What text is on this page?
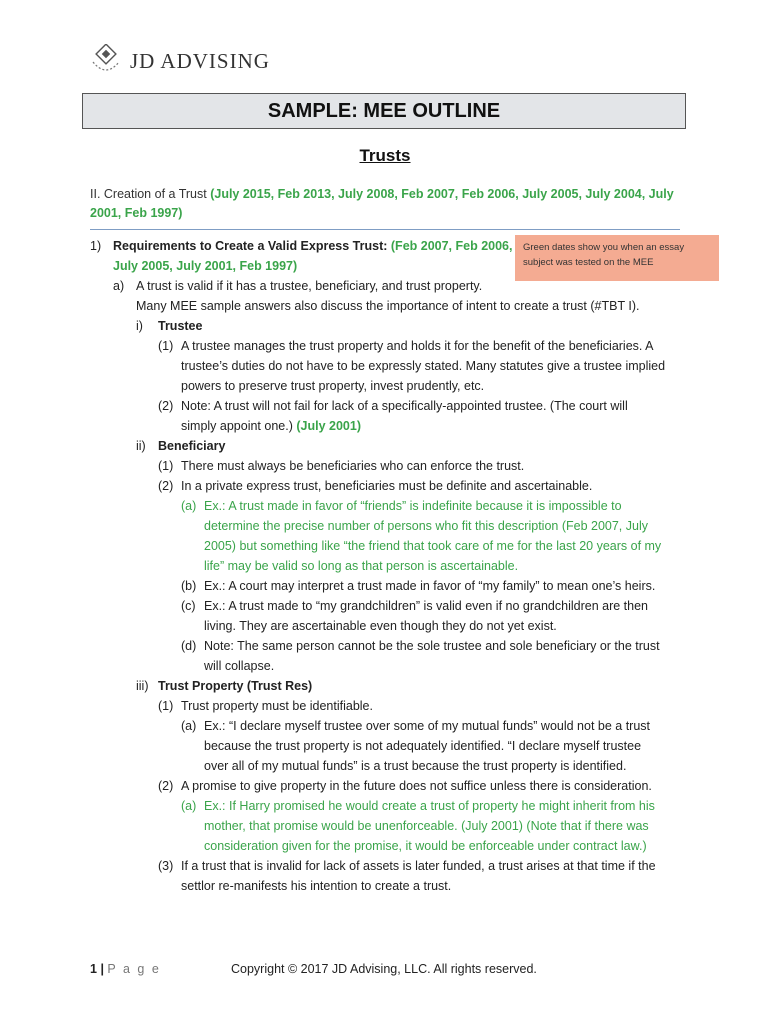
JD ADVISING
SAMPLE: MEE OUTLINE
Trusts
II. Creation of a Trust (July 2015, Feb 2013, July 2008, Feb 2007, Feb 2006, July 2005, July 2004, July 2001, Feb 1997)
Green dates show you when an essay subject was tested on the MEE
1) Requirements to Create a Valid Express Trust: (Feb 2007, Feb 2006,
July 2005, July 2001, Feb 1997)
a) A trust is valid if it has a trustee, beneficiary, and trust property.
Many MEE sample answers also discuss the importance of intent to create a trust (#TBT I).
i) Trustee
(1) A trustee manages the trust property and holds it for the benefit of the beneficiaries. A
trustee’s duties do not have to be expressly stated. Many statutes give a trustee implied
powers to preserve trust property, invest prudently, etc.
(2) Note: A trust will not fail for lack of a specifically-appointed trustee. (The court will
simply appoint one.) (July 2001)
ii) Beneficiary
(1) There must always be beneficiaries who can enforce the trust.
(2) In a private express trust, beneficiaries must be definite and ascertainable.
(a) Ex.: A trust made in favor of “friends” is indefinite because it is impossible to
determine the precise number of persons who fit this description (Feb 2007, July
2005) but something like “the friend that took care of me for the last 20 years of my
life” may be valid so long as that person is ascertainable.
(b) Ex.: A court may interpret a trust made in favor of “my family” to mean one’s heirs.
(c) Ex.: A trust made to “my grandchildren” is valid even if no grandchildren are then
living. They are ascertainable even though they do not yet exist.
(d) Note: The same person cannot be the sole trustee and sole beneficiary or the trust
will collapse.
iii) Trust Property (Trust Res)
(1) Trust property must be identifiable.
(a) Ex.: “I declare myself trustee over some of my mutual funds” would not be a trust
because the trust property is not adequately identified. “I declare myself trustee
over all of my mutual funds” is a trust because the trust property is identified.
(2) A promise to give property in the future does not suffice unless there is consideration.
(a) Ex.: If Harry promised he would create a trust of property he might inherit from his
mother, that promise would be unenforceable. (July 2001) (Note that if there was
consideration given for the promise, it would be enforceable under contract law.)
(3) If a trust that is invalid for lack of assets is later funded, a trust arises at that time if the
settlor re-manifests his intention to create a trust.
1 | P a g e	Copyright © 2017 JD Advising, LLC. All rights reserved.
